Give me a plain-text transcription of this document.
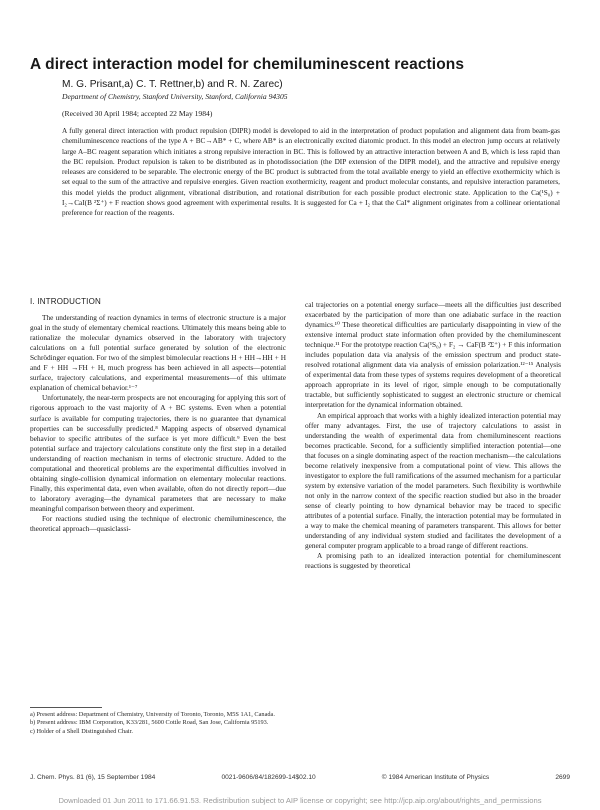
A direct interaction model for chemiluminescent reactions
M. G. Prisant,a) C. T. Rettner,b) and R. N. Zarec)
Department of Chemistry, Stanford University, Stanford, California 94305
(Received 30 April 1984; accepted 22 May 1984)

A fully general direct interaction with product repulsion (DIPR) model is developed to aid in the interpretation of product population and alignment data from beam-gas chemiluminescence reactions of the type A + BC→AB* + C, where AB* is an electronically excited diatomic product. In this model an electron jump occurs at relatively large A–BC reagent separation which initiates a strong repulsive interaction in BC. This is followed by an attractive interaction between A and B, which is less rapid than the BC repulsion. Product repulsion is taken to be distributed as in photodissociation (the DIP extension of the DIPR model), and the attractive and repulsive energy releases are considered to be separable. The electronic energy of the BC product is subtracted from the total available energy to yield an effective exothermicity which is set equal to the sum of the attractive and repulsive energies. Given reaction exothermicity, reagent and product molecular constants, and repulsive interaction parameters, this model yields the product alignment, vibrational distribution, and rotational distribution for each possible product electronic state. Application to the Ca(¹S₀) + I₂→CaI(B ²Σ⁺) + F reaction shows good agreement with experimental results. It is suggested for Ca + I₂ that the CaI* alignment originates from a collinear orientational preference for reaction of the reagents.

I. INTRODUCTION

The understanding of reaction dynamics in terms of electronic structure is a major goal in the study of elementary chemical reactions. Ultimately this means being able to rationalize the molecular dynamics observed in the laboratory with trajectory calculations on a full potential surface generated by solution of the electronic Schrödinger equation. For two of the simplest bimolecular reactions H + HH→HH + H and F + HH →FH + H, much progress has been achieved in all aspects—potential surface, trajectory calculations, and experimental measurements—of this ultimate explanation of chemical behavior.¹⁻⁷

Unfortunately, the near-term prospects are not encouraging for applying this sort of rigorous approach to the vast majority of A + BC systems. Even when a potential surface is available for computing trajectories, there is no guarantee that dynamical properties can be successfully predicted.⁸ Mapping aspects of observed dynamical behavior to specific attributes of the surface is yet more difficult.⁹ Even the best potential surface and trajectory calculations constitute only the first step in a detailed understanding of reaction mechanism in terms of electronic structure. Added to the computational and theoretical problems are the experimental difficulties involved in obtaining single-collision dynamical information on elementary molecular reactions. Finally, this experimental data, even when available, often do not directly report—due to laboratory averaging—the dynamical parameters that are necessary to make meaningful comparison between theory and experiment.

For reactions studied using the technique of electronic chemiluminescence, the theoretical approach—quasiclassi-

cal trajectories on a potential energy surface—meets all the difficulties just described exacerbated by the participation of more than one adiabatic surface in the reaction dynamics.¹⁰ These theoretical difficulties are particularly disappointing in view of the extensive internal product state information often provided by the chemiluminescent technique.¹¹ For the prototype reaction Ca(¹S₀) + F₂ → CaF(B ²Σ⁺) + F this information includes population data via analysis of the emission spectrum and product state-resolved rotational alignment data via analysis of emission polarization.¹²⁻¹⁵ Analysis of experimental data from these types of systems requires development of a theoretical approach appropriate in its level of rigor, simple enough to be computationally tractable, but sufficiently sophisticated to suggest an electronic structure or chemical interpretation for the dynamical information obtained.

An empirical approach that works with a highly idealized interaction potential may offer many advantages. First, the use of trajectory calculations to assist in understanding the wealth of experimental data from chemiluminescent reactions becomes practicable. Second, for a sufficiently simplified interaction potential—one that focuses on a single dominating aspect of the reaction mechanism—the calculations become relatively inexpensive from a computational point of view. This allows the investigator to explore the full ramifications of the assumed mechanism for a particular system by extensive variation of the model parameters. Such flexibility is worthwhile not only in the narrow context of the specific reaction studied but also in the broader sense of clearly pointing to how dynamical behavior may be traced to specific attributes of a potential surface. Finally, the interaction potential may be formulated in a way to make the chemical meaning of parameters transparent. This allows for better understanding of any individual system studied and facilitates the development of a general computer program applicable to a broad range of different reactions.

A promising path to an idealized interaction potential for chemiluminescent reactions is suggested by theoretical

a) Present address: Department of Chemistry, University of Toronto, Toronto, M5S 1A1, Canada.

b) Present address: IBM Corporation, K33/281, 5600 Cottle Road, San Jose, California 95193.

c) Holder of a Shell Distinguished Chair.

J. Chem. Phys. 81 (6), 15 September 1984	0021-9606/84/182699-14$02.10	© 1984 American Institute of Physics	2699
Downloaded 01 Jun 2011 to 171.66.91.53. Redistribution subject to AIP license or copyright; see http://jcp.aip.org/about/rights_and_permissions
